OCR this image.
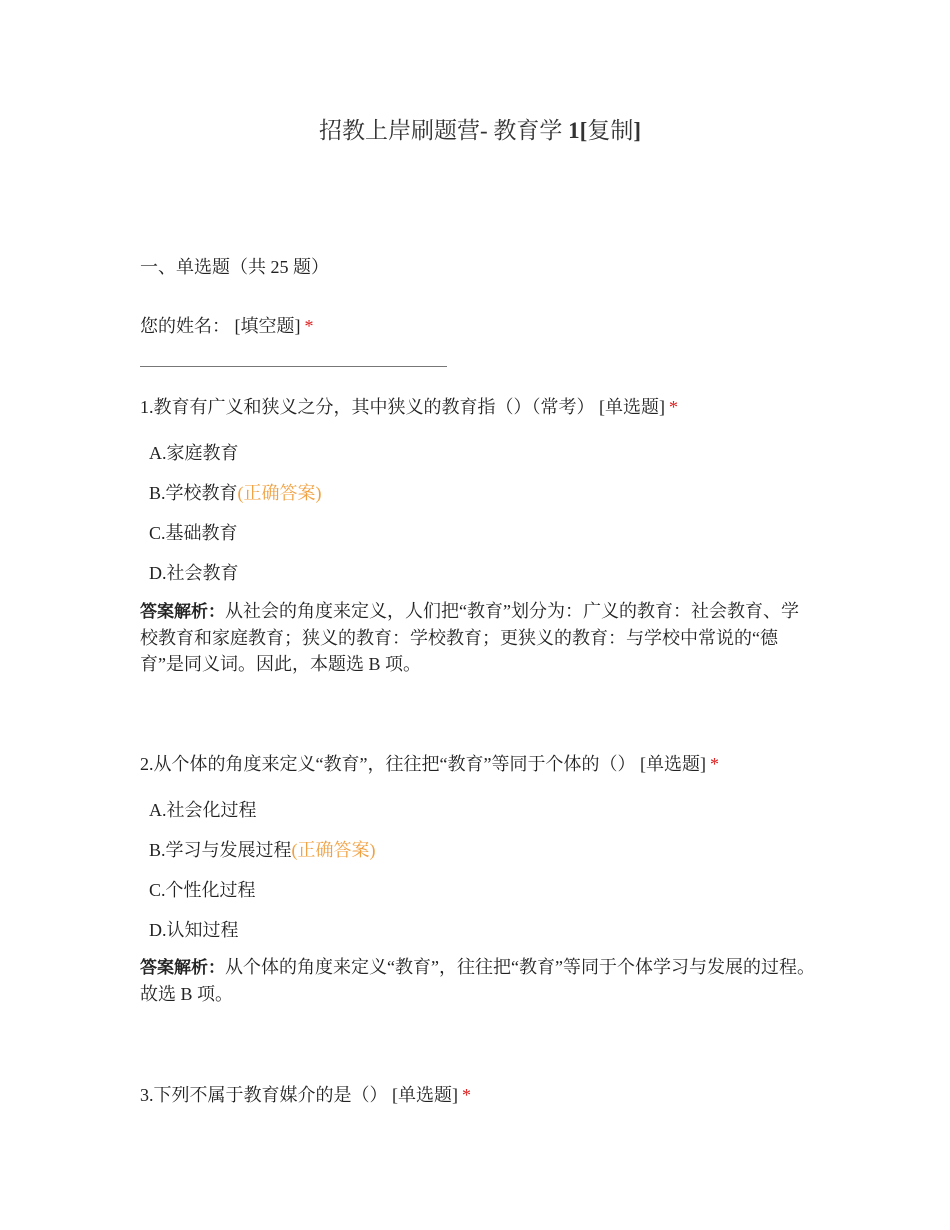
招教上岸刷题营- 教育学 1[复制]
一、单选题（共 25 题）
您的姓名： [填空题] *
1.教育有广义和狭义之分，其中狭义的教育指（）（常考） [单选题] *
A.家庭教育
B.学校教育(正确答案)
C.基础教育
D.社会教育
答案解析：从社会的角度来定义，人们把“教育”划分为：广义的教育：社会教育、学校教育和家庭教育；狭义的教育：学校教育；更狭义的教育：与学校中常说的“德育”是同义词。因此，本题选 B 项。
2.从个体的角度来定义“教育”，往往把“教育”等同于个体的（） [单选题] *
A.社会化过程
B.学习与发展过程(正确答案)
C.个性化过程
D.认知过程
答案解析：从个体的角度来定义“教育”，往往把“教育”等同于个体学习与发展的过程。故选 B 项。
3.下列不属于教育媒介的是（） [单选题] *
